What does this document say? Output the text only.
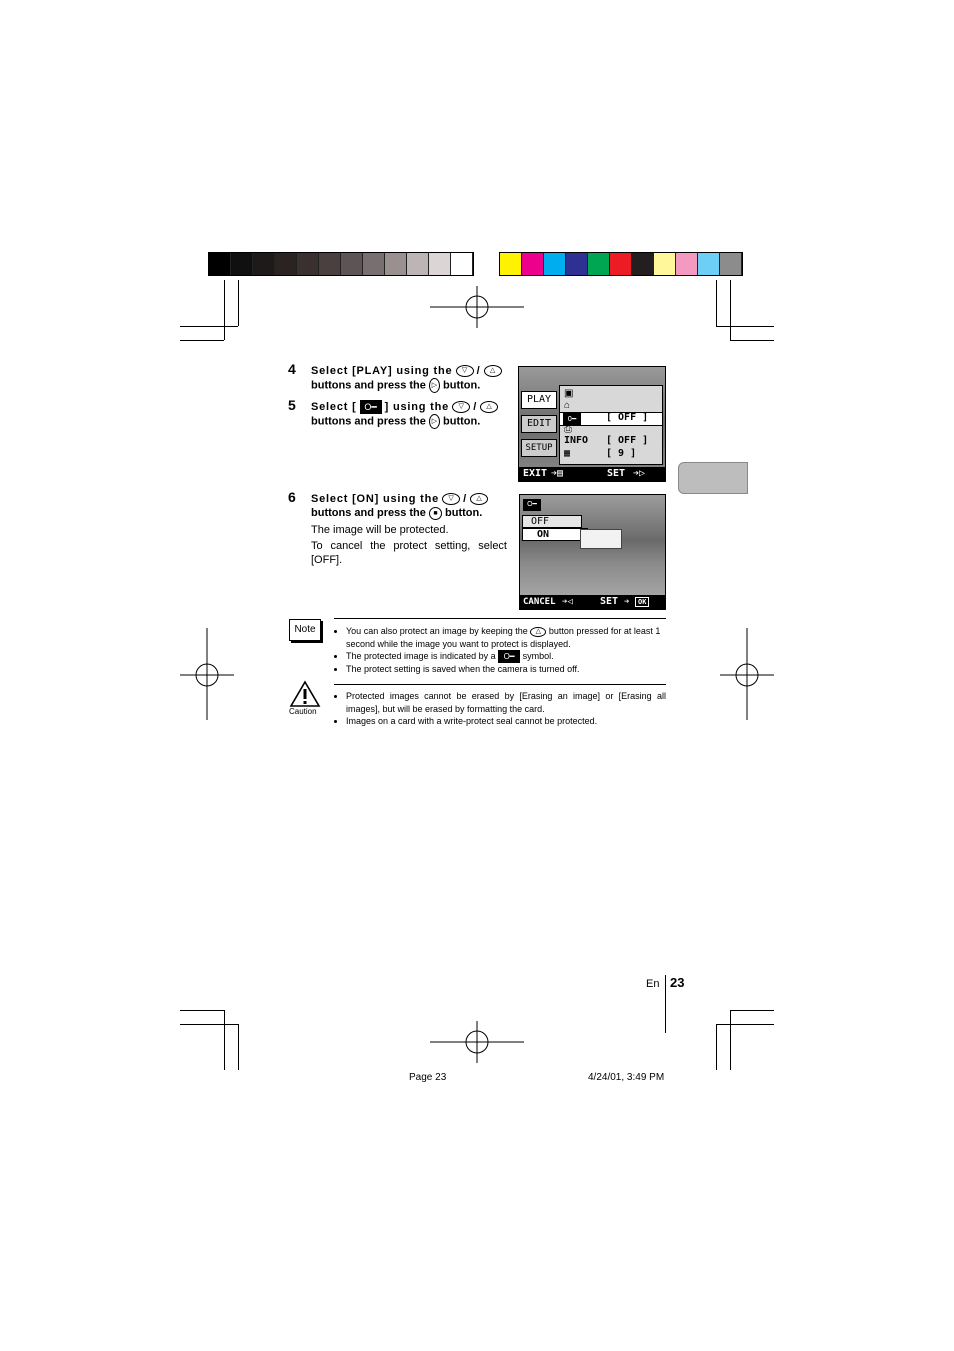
4 Select [PLAY] using the ▽ / △
buttons and press the ▷ button.
5 Select [ O━ ] using the ▽ / △
buttons and press the ▷ button.
6 Select [ON] using the ▽ / △
buttons and press the ■ button.
The image will be protected.
To cancel the protect setting, select [OFF].
PLAY
EDIT
SETUP
▣
⌂
O━	[ OFF ]
⎙
INFO [ OFF ]
▦	[ 9 ]
EXIT ➔▤	SET ➔▷
O━
OFF
ON
CANCEL ➔◁	SET ➔	OK
Note
•	You can also protect an image by keeping the △ button pressed for at least 1 second while the image you want to protect is displayed.
• The protected image is indicated by a O━ symbol.
• The protect setting is saved when the camera is turned off.
Caution
• Protected images cannot be erased by [Erasing an image] or [Erasing all images], but will be erased by formatting the card.
• Images on a card with a write-protect seal cannot be protected.
En 23
Page 23	4/24/01, 3:49 PM
